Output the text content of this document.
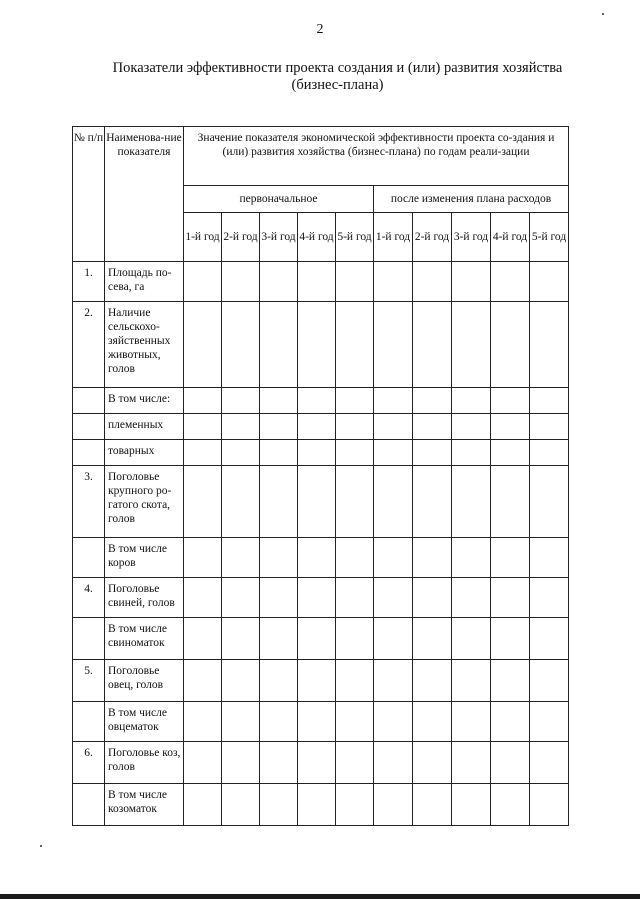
2
Показатели эффективности проекта создания и (или) развития хозяйства
(бизнес-плана)
№ п/п	Наименова-ние показателя	Значение показателя экономической эффективности проекта со-здания и (или) развития хозяйства (бизнес-плана) по годам реали-зации									
		первоначальное					после изменения плана расходов				
		1-й год	2-й год	3-й год	4-й год	5-й год	1-й год	2-й год	3-й год	4-й год	5-й год
1.	Площадь по-сева, га										
2.	Наличие сельскохо-зяйственных животных, голов										
	В том числе:										
	племенных										
	товарных										
3.	Поголовье крупного ро-гатого скота, голов										
	В том числе коров										
4.	Поголовье свиней, голов										
	В том числе свиноматок										
5.	Поголовье овец, голов										
	В том числе овцематок										
6.	Поголовье коз, голов										
	В том числе козоматок										
